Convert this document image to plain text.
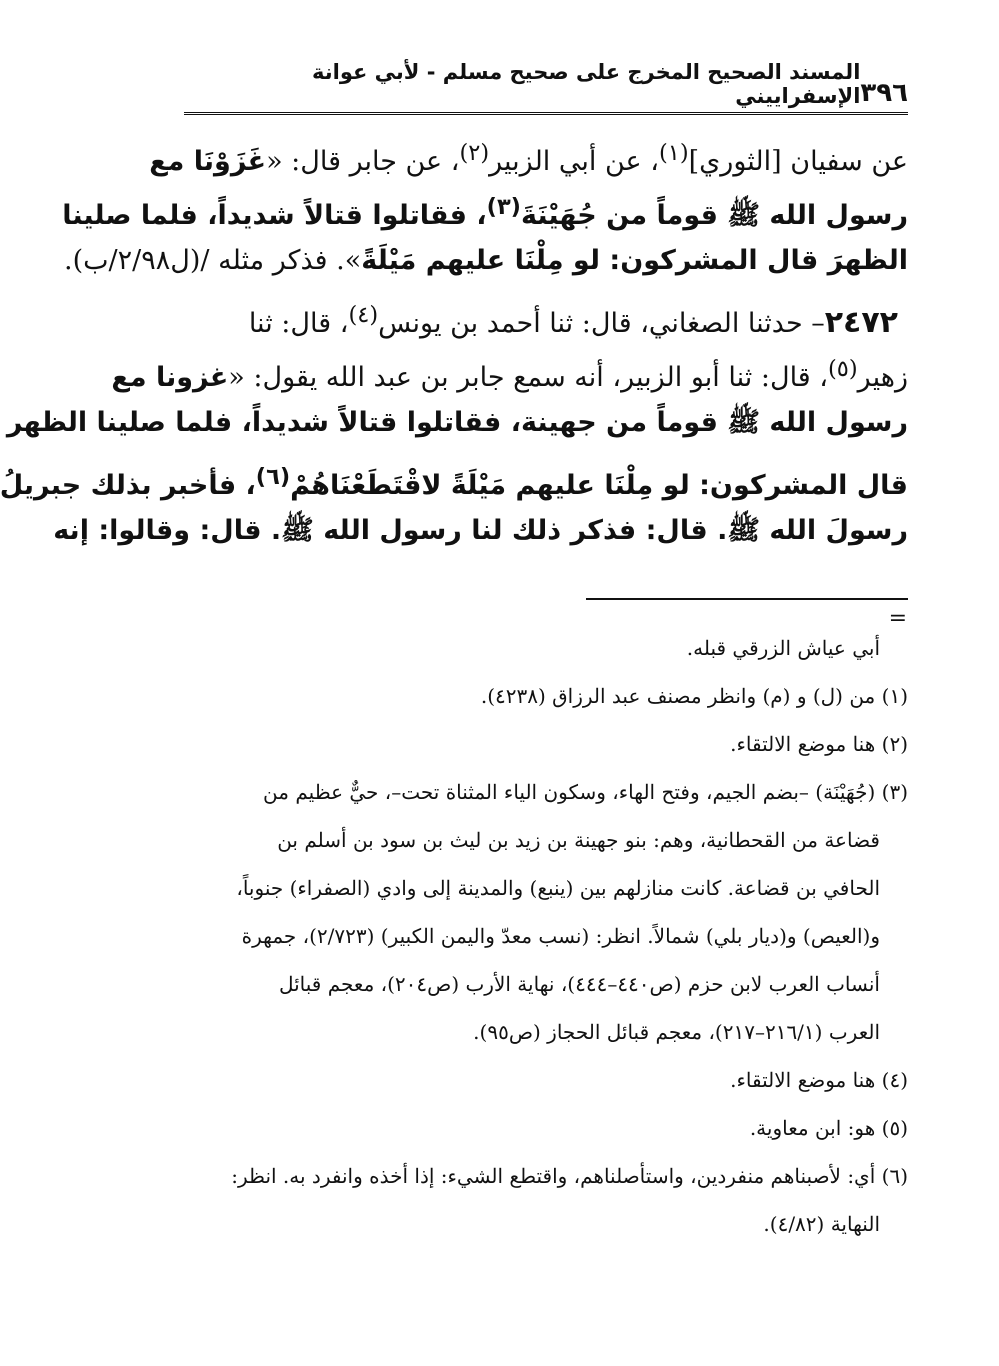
٣٩٦
المسند الصحيح المخرج على صحيح مسلم - لأبي عوانة الإسفراييني
عن سفيان [الثوري]$^{(١)}$، عن أبي الزبير$^{(٢)}$، عن جابر قال: «غَزَوْنَا مع
رسول الله ﷺ قوماً من جُهَيْنَةَ$^{(٣)}$، فقاتلوا قتالاً شديداً، فلما صلينا
الظهرَ قال المشركون: لو مِلْنَا عليهم مَيْلَةً». فذكر مثله /(ل٢/٩٨/ب).
٢٤٧٢– حدثنا الصغاني، قال: ثنا أحمد بن يونس$^{(٤)}$، قال: ثنا
زهير$^{(٥)}$، قال: ثنا أبو الزبير، أنه سمع جابر بن عبد الله يقول: «غزونا مع
رسول الله ﷺ قوماً من جهينة، فقاتلوا قتالاً شديداً، فلما صلينا الظهر
قال المشركون: لو مِلْنَا عليهم مَيْلَةً لاقْتَطَعْنَاهُمْ$^{(٦)}$، فأخبر بذلك جبريلُ
رسولَ الله ﷺ. قال: فذكر ذلك لنا رسول الله ﷺ. قال: وقالوا: إنه
=
أبي عياش الزرقي قبله.
(١) من (ل) و (م) وانظر مصنف عبد الرزاق (٤٢٣٨).
(٢) هنا موضع الالتقاء.
(٣) (جُهَيْنَة) –بضم الجيم، وفتح الهاء، وسكون الياء المثناة تحت–، حيٌّ عظيم من
قضاعة من القحطانية، وهم: بنو جهينة بن زيد بن ليث بن سود بن أسلم بن
الحافي بن قضاعة. كانت منازلهم بين (ينبع) والمدينة إلى وادي (الصفراء) جنوباً،
و(العيص) و(ديار بلي) شمالاً. انظر: (نسب معدّ واليمن الكبير) (٢/٧٢٣)، جمهرة
أنساب العرب لابن حزم (ص٤٤٠–٤٤٤)، نهاية الأرب (ص٢٠٤)، معجم قبائل
العرب (٢١٦/١–٢١٧)، معجم قبائل الحجاز (ص٩٥).
(٤) هنا موضع الالتقاء.
(٥) هو: ابن معاوية.
(٦) أي: لأصبناهم منفردين، واستأصلناهم، واقتطع الشيء: إذا أخذه وانفرد به. انظر:
النهاية (٤/٨٢).
